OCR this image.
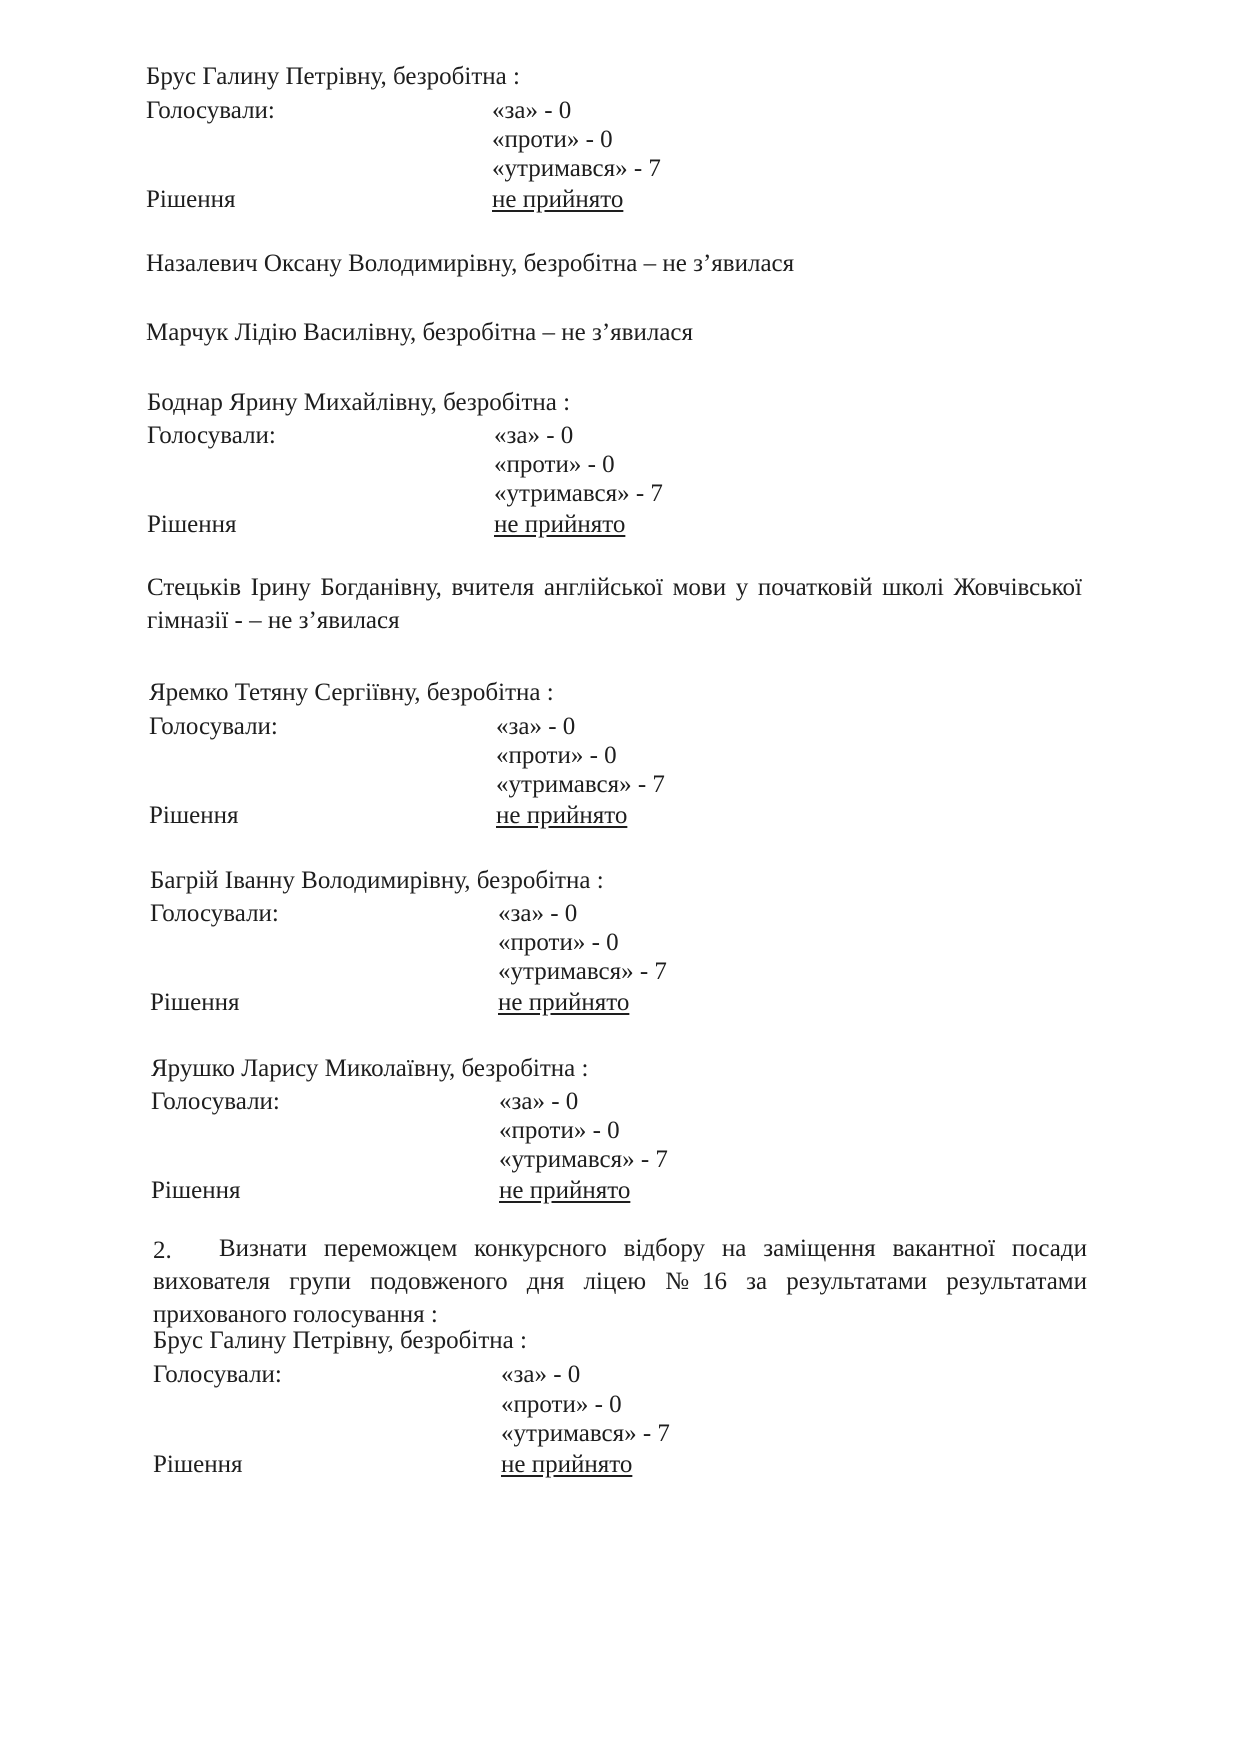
Брус Галину Петрівну, безробітна :
Голосували:	«за» - 0
«проти» - 0
«утримався» - 7
Рішення	не прийнято
Назалевич Оксану Володимирівну, безробітна – не з’явилася
Марчук Лідію Василівну, безробітна – не з’явилася
Боднар Ярину Михайлівну, безробітна :
Голосували:	«за» - 0
«проти» - 0
«утримався» - 7
Рішення	не прийнято
Стецьків Ірину Богданівну, вчителя англійської мови у початковій школі Жовчівської гімназії - – не з’явилася
Яремко Тетяну Сергіївну, безробітна :
Голосували:	«за» - 0
«проти» - 0
«утримався» - 7
Рішення	не прийнято
Багрій Іванну Володимирівну, безробітна :
Голосували:	«за» - 0
«проти» - 0
«утримався» - 7
Рішення	не прийнято
Ярушко Ларису Миколаївну, безробітна :
Голосували:	«за» - 0
«проти» - 0
«утримався» - 7
Рішення	не прийнято
2.	Визнати переможцем конкурсного відбору на заміщення вакантної посади вихователя групи подовженого дня ліцею №16 за результатами результатами прихованого голосування :
Брус Галину Петрівну, безробітна :
Голосували:	«за» - 0
«проти» - 0
«утримався» - 7
Рішення	не прийнято
